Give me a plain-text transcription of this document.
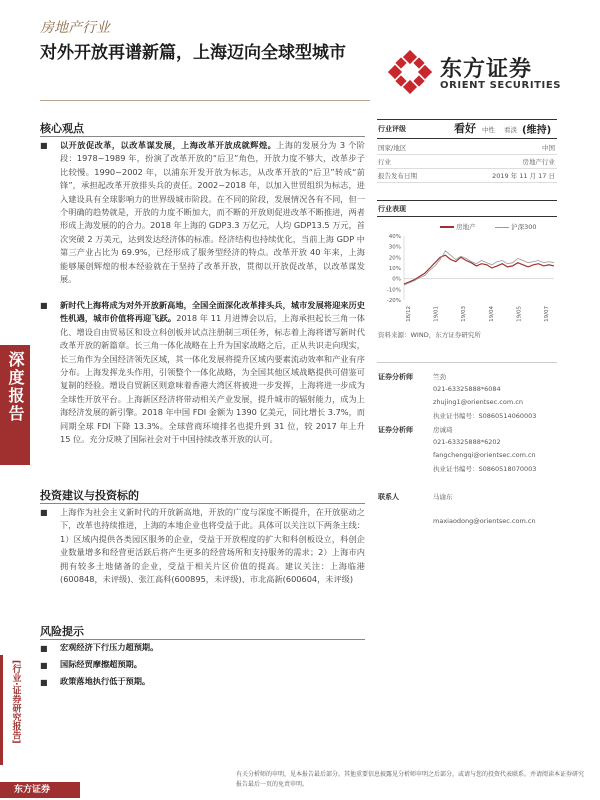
房地产行业
对外开放再谱新篇，上海迈向全球型城市
东方证券
ORIENT SECURITIES
深度报告
[行业·证券研究报告]
核心观点
■ 以开放促改革，以改革谋发展，上海改革开放成就辉煌。上海的发展分为 3 个阶段：1978~1989 年，扮演了改革开放的“后卫”角色，开放力度不够大，改革步子比较慢。1990~2002 年，以浦东开发开放为标志，从改革开放的“后卫”转成“前锋”，承担起改革开放排头兵的责任。2002~2018 年，以加入世贸组织为标志，进入建设具有全球影响力的世界级城市阶段。在不同的阶段，发展情况各有不同，但一个明确的趋势就是，开放的力度不断加大，而不断的开放则促进改革不断推进，两者形成上海发展的的合力。2018 年上海的 GDP3.3 万亿元，人均 GDP13.5 万元，首次突破 2 万美元，达到发达经济体的标准。经济结构也持续优化，当前上海 GDP 中第三产业占比为 69.9%，已经形成了服务型经济的特点。改革开放 40 年来，上海能够屡创辉煌的根本经验就在于坚持了改革开放，贯彻以开放促改革，以改革谋发展。
■ 新时代上海将成为对外开放新高地，全国全面深化改革排头兵，城市发展将迎来历史性机遇，城市价值将再迎飞跃。2018 年 11 月进博会以后，上海承担起长三角一体化、增设自由贸易区和设立科创板并试点注册制三项任务，标志着上海将谱写新时代改革开放的新篇章。长三角一体化战略在上升为国家战略之后，正从共识走向现实，长三角作为全国经济领先区域，其一体化发展将提升区域内要素流动效率和产业有序分布。上海发挥龙头作用，引领整个一体化战略，为全国其他区域战略提供可借鉴可复制的经验。增设自贸新区则意味着香港大湾区将被进一步发挥，上海将进一步成为全球性开放平台。上海新区经济将带动相关产业发展，提升城市的辐射能力，成为上海经济发展的新引擎。2018 年中国 FDI 金额为 1390 亿美元，同比增长 3.7%，而同期全球 FDI 下降 13.3%。全球营商环境排名也提升到 31 位，较 2017 年上升 15 位。充分反映了国际社会对于中国持续改革开放的认可。
投资建议与投资标的
■ 上海作为社会主义新时代的开放新高地，开放的广度与深度不断提升，在开放驱动之下，改革也持续推进，上海的本地企业也将受益于此。具体可以关注以下两条主线：1）区域内提供各类园区服务的企业，受益于开放程度的扩大和科创板设立，科创企业数量增多和经营更活跃后将产生更多的经营场所和支持服务的需求；2）上海市内拥有较多土地储备的企业，受益于相关片区价值的提高。建议关注：上海临港(600848，未评级)、张江高科(600895，未评级)、市北高新(600604，未评级)
风险提示
■ 宏观经济下行压力超预期。
■ 国际经贸摩擦超预期。
■ 政策落地执行低于预期。
行业评级	看好 中性 看淡 (维持)
国家/地区	中国
行业	房地产行业
报告发布日期	2019 年 11 月 17 日
行业表现
房地产	沪深300
40%
30%
20%
10%
0%
-10%
-20%
18/12	19/01	19/03	19/04	19/05	19/07
资料来源：WIND，东方证券研究所
证券分析师	竺劲
021-63325888*6084
zhujing1@orientsec.com.cn
执业证书编号：S0860514060003
证券分析师	房诚琦
021-63325888*6202
fangchengqi@orientsec.com.cn
执业证书编号：S0860518070003
联系人	马谕东
maxiaodong@orientsec.com.cn
东方证券
有关分析师的申明，见本报告最后部分。其他重要信息披露见分析师申明之后部分，或请与您的投资代表联系。并请阅读本证券研究报告最后一页的免责申明。
